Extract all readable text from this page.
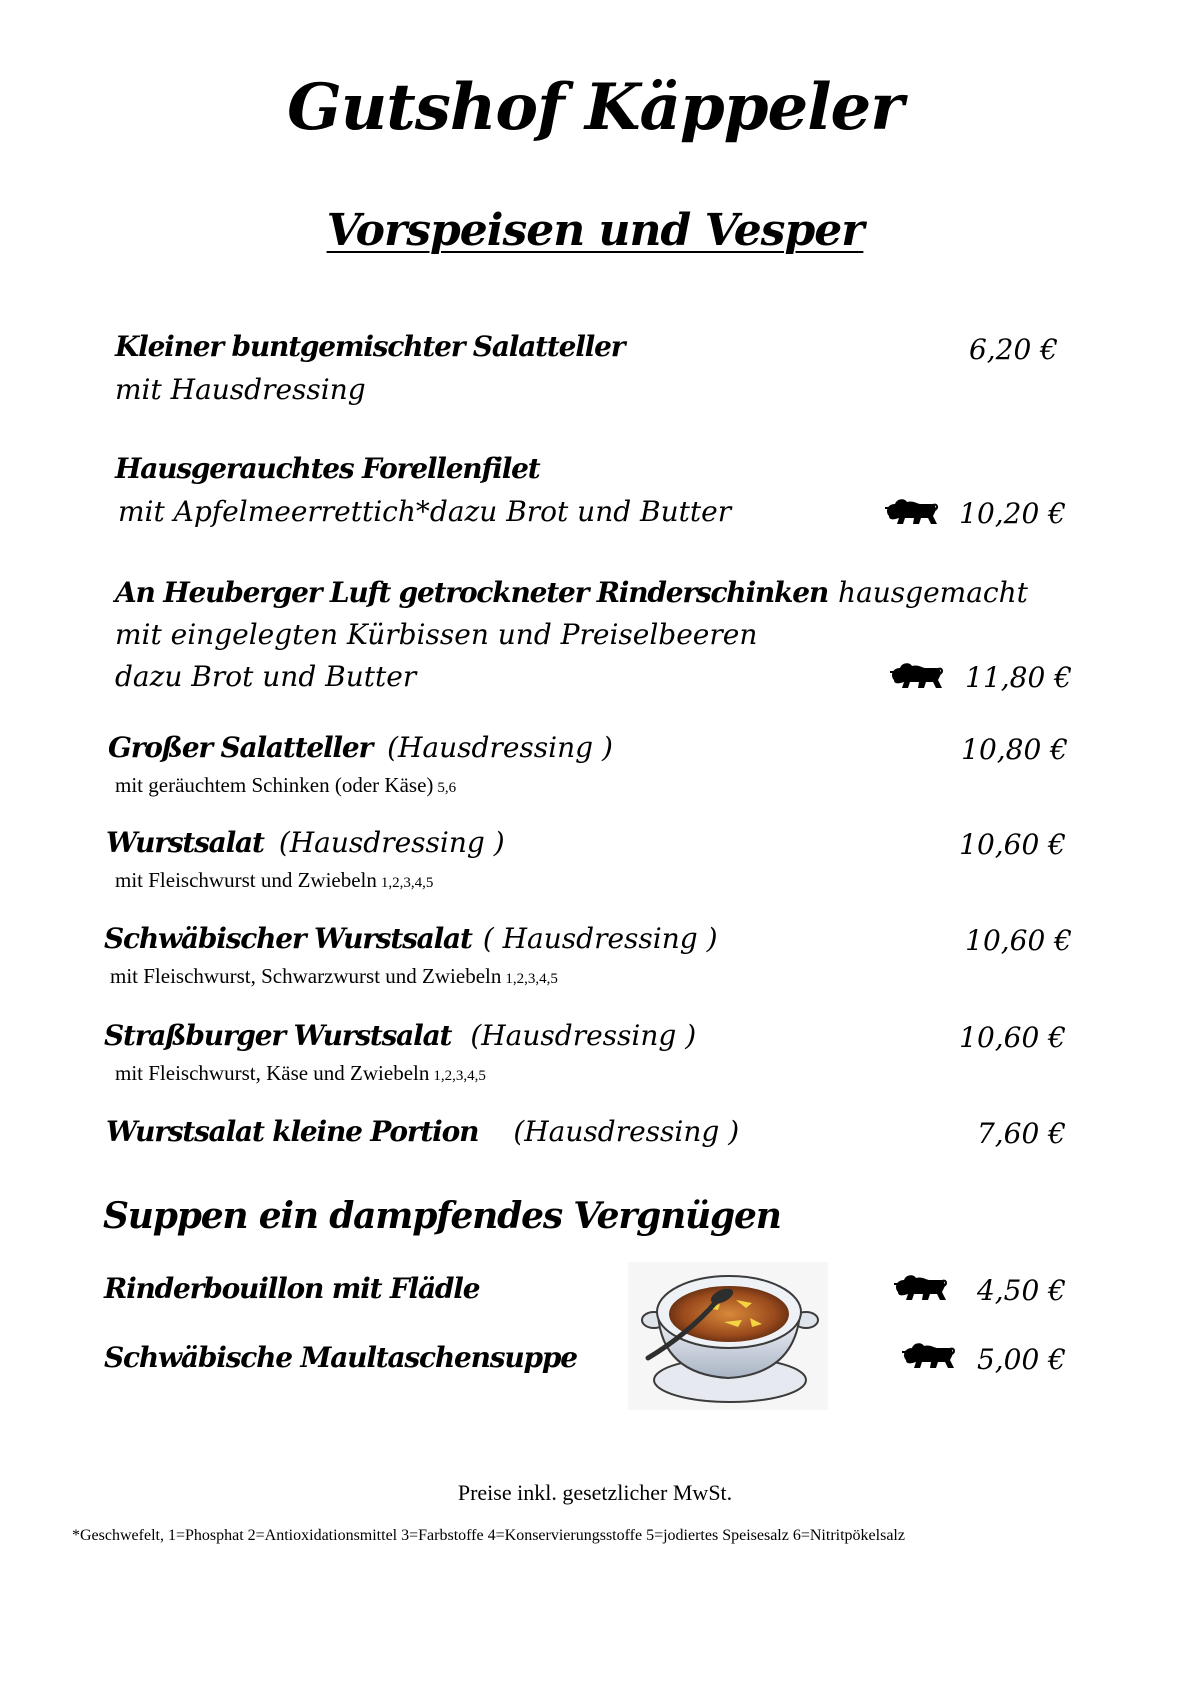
Gutshof Käppeler
Vorspeisen und Vesper
Kleiner buntgemischter Salatteller
mit Hausdressing
6,20 €
Hausgerauchtes Forellenfilet
mit Apfelmeerrettich*dazu Brot und Butter	10,20 €
An Heuberger Luft getrockneter Rinderschinken hausgemacht
mit eingelegten Kürbissen und Preiselbeeren
dazu Brot und Butter	11,80 €
Großer Salatteller (Hausdressing )
mit geräuchtem Schinken (oder Käse) 5,6
10,80 €
Wurstsalat (Hausdressing )
mit Fleischwurst und Zwiebeln 1,2,3,4,5
10,60 €
Schwäbischer Wurstsalat ( Hausdressing )
mit Fleischwurst, Schwarzwurst und Zwiebeln 1,2,3,4,5
10,60 €
Straßburger Wurstsalat (Hausdressing )
mit Fleischwurst, Käse und Zwiebeln 1,2,3,4,5
10,60 €
Wurstsalat kleine Portion (Hausdressing )	7,60 €
Suppen ein dampfendes Vergnügen
Rinderbouillon mit Flädle	4,50 €
Schwäbische Maultaschensuppe	5,00 €
Preise inkl. gesetzlicher MwSt.
*Geschwefelt, 1=Phosphat 2=Antioxidationsmittel 3=Farbstoffe 4=Konservierungsstoffe 5=jodiertes Speisesalz 6=Nitritpökelsalz
